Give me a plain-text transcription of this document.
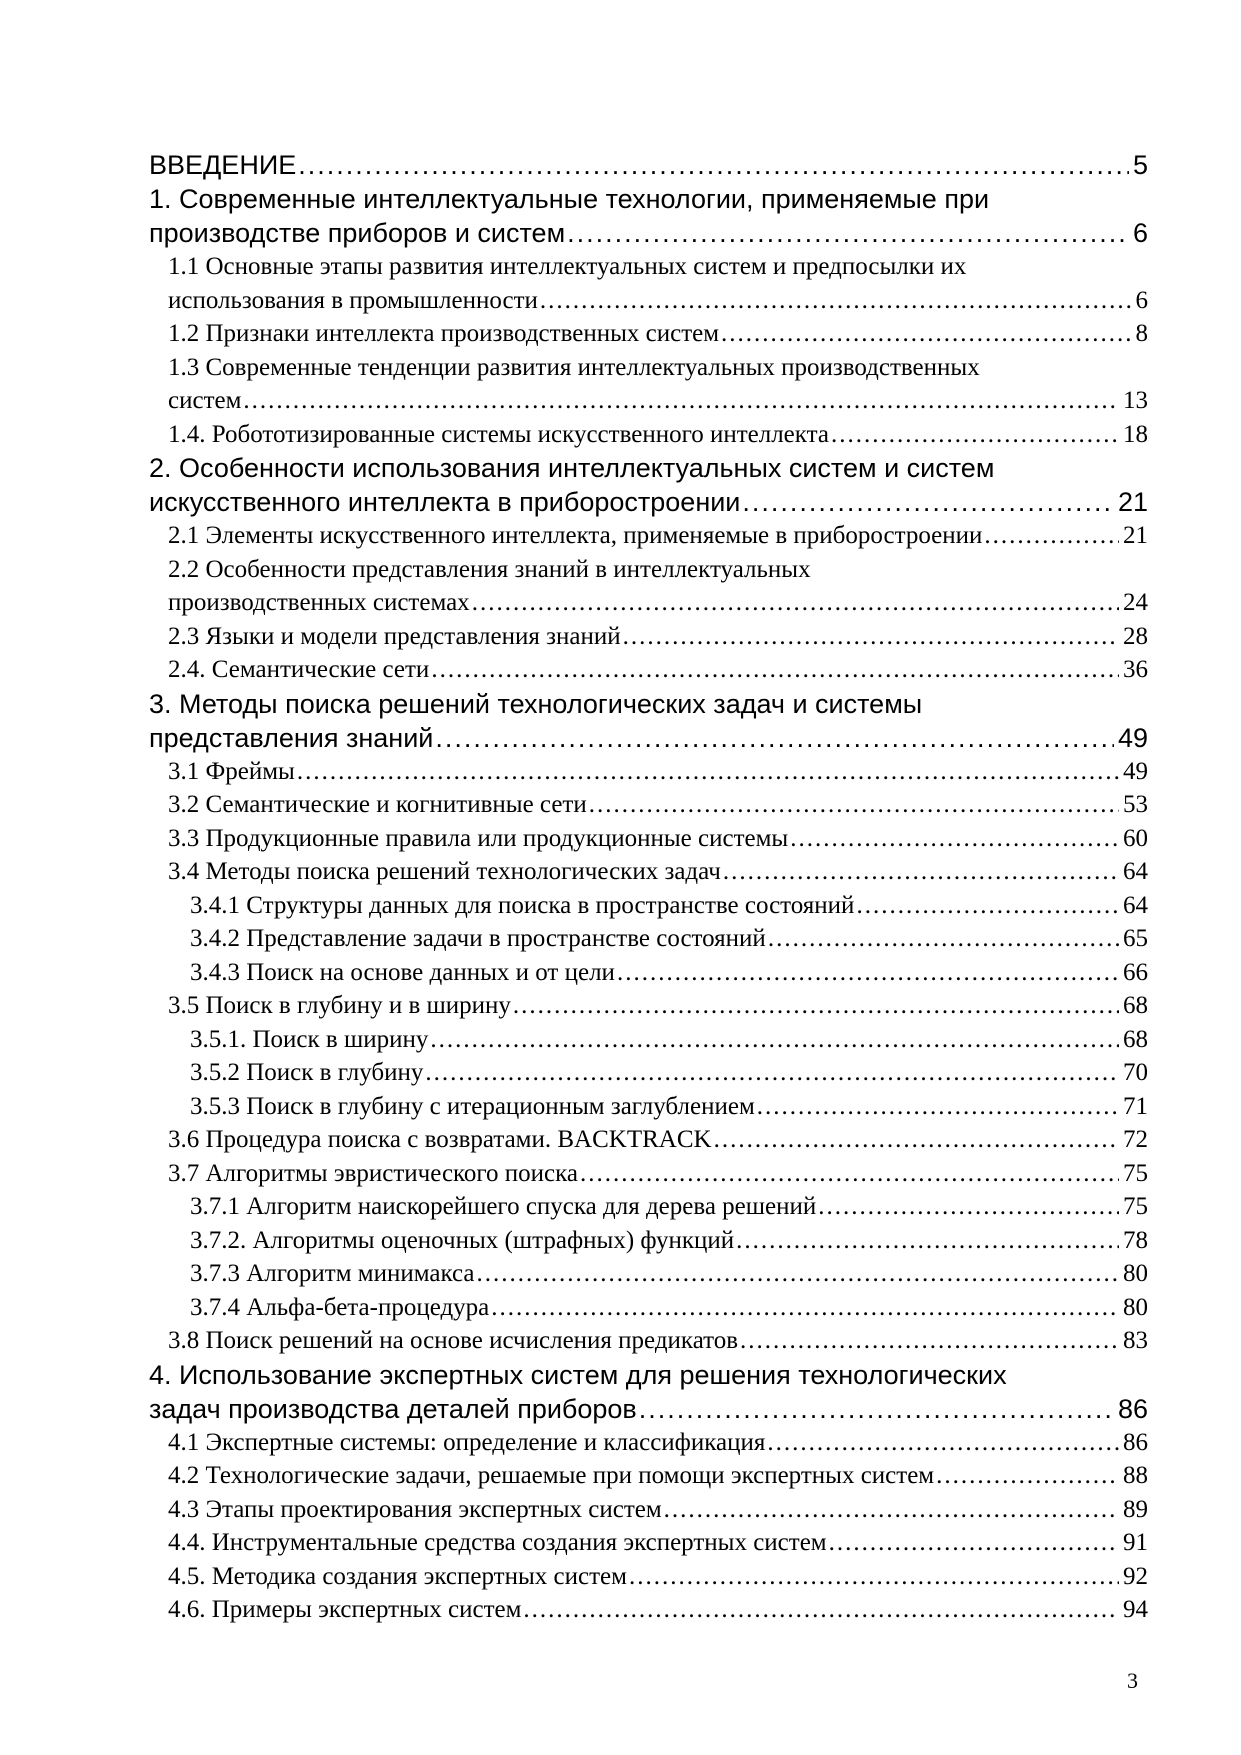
ВВЕДЕНИЕ .....	5
1. Современные интеллектуальные технологии, применяемые при
производстве приборов и систем .....	6
1.1 Основные этапы развития интеллектуальных систем и предпосылки их
использования в промышленности .....	6
1.2 Признаки интеллекта производственных систем .....	8
1.3 Современные тенденции развития интеллектуальных производственных
систем .....	13
1.4. Робототизированные системы искусственного интеллекта .....	18
2. Особенности использования интеллектуальных систем и систем
искусственного интеллекта в приборостроении .....	21
2.1 Элементы искусственного интеллекта, применяемые в приборостроении .....	21
2.2 Особенности представления знаний в интеллектуальных
производственных системах .....	24
2.3 Языки и модели представления знаний .....	28
2.4. Семантические сети .....	36
3. Методы поиска решений технологических задач и системы
представления знаний .....	49
3.1 Фреймы .....	49
3.2 Семантические и когнитивные сети .....	53
3.3 Продукционные правила или продукционные системы .....	60
3.4 Методы поиска решений технологических задач .....	64
3.4.1 Структуры данных для поиска в пространстве состояний .....	64
3.4.2 Представление задачи в пространстве состояний .....	65
3.4.3 Поиск на основе данных и от цели .....	66
3.5 Поиск в глубину и в ширину .....	68
3.5.1. Поиск в ширину .....	68
3.5.2 Поиск в глубину .....	70
3.5.3 Поиск в глубину с итерационным заглублением .....	71
3.6 Процедура поиска с возвратами. BACKTRACK .....	72
3.7 Алгоритмы эвристического поиска .....	75
3.7.1 Алгоритм наискорейшего спуска для дерева решений .....	75
3.7.2. Алгоритмы оценочных (штрафных) функций .....	78
3.7.3 Алгоритм минимакса .....	80
3.7.4 Альфа-бета-процедура .....	80
3.8 Поиск решений на основе исчисления предикатов .....	83
4. Использование экспертных систем для решения технологических
задач производства деталей приборов .....	86
4.1 Экспертные системы: определение и классификация .....	86
4.2 Технологические задачи, решаемые при помощи экспертных систем .....	88
4.3 Этапы проектирования экспертных систем .....	89
4.4. Инструментальные средства создания экспертных систем .....	91
4.5. Методика создания экспертных систем .....	92
4.6. Примеры экспертных систем .....	94
3
